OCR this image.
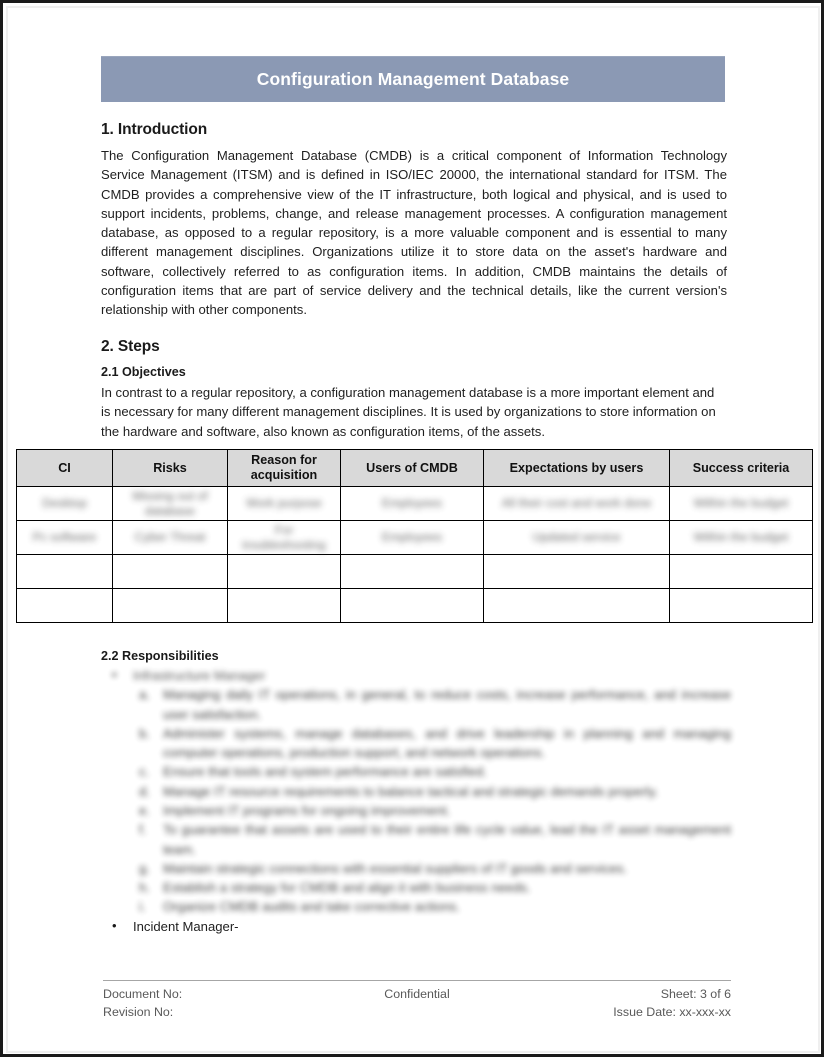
Configuration Management Database
1. Introduction

The Configuration Management Database (CMDB) is a critical component of Information Technology Service Management (ITSM) and is defined in ISO/IEC 20000, the international standard for ITSM. The CMDB provides a comprehensive view of the IT infrastructure, both logical and physical, and is used to support incidents, problems, change, and release management processes. A configuration management database, as opposed to a regular repository, is a more valuable component and is essential to many different management disciplines. Organizations utilize it to store data on the asset's hardware and software, collectively referred to as configuration items. In addition, CMDB maintains the details of configuration items that are part of service delivery and the technical details, like the current version's relationship with other components.

2. Steps
2.1 Objectives

In contrast to a regular repository, a configuration management database is a more important element and is necessary for many different management disciplines. It is used by organizations to store information on the hardware and software, also known as configuration items, of the assets.

CI	Risks	Reason for acquisition	Users of CMDB	Expectations by users	Success criteria

Desktop	Missing out of database	Work purpose	Employees	All their cost and work done	Within the budget
Pc software	Cyber Threat	For troubleshooting	Employees	Updated service	Within the budget

2.2 Responsibilities
• Infrastructure Manager
a. Managing daily IT operations, in general, to reduce costs, increase performance, and increase user satisfaction.
b. Administer systems, manage databases, and drive leadership in planning and managing computer operations, production support, and network operations.
c. Ensure that tools and system performance are satisfied.
d. Manage IT resource requirements to balance tactical and strategic demands properly.
e. Implement IT programs for ongoing improvement.
f. To guarantee that assets are used to their entire life cycle value, lead the IT asset management team.
g. Maintain strategic connections with essential suppliers of IT goods and services.
h. Establish a strategy for CMDB and align it with business needs.
i. Organize CMDB audits and take corrective actions.
• Incident Manager-
Document No:	Confidential	Sheet: 3 of 6
Revision No:	Issue Date: xx-xxx-xx
